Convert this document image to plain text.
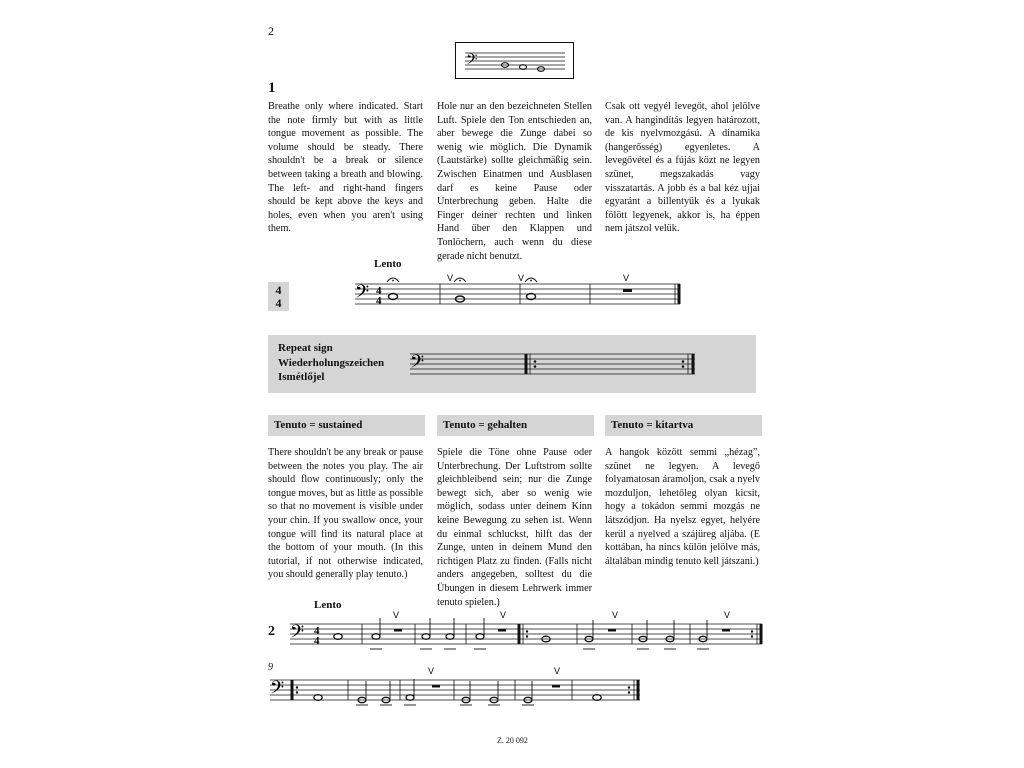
2
𝄢
1
Breathe only where indicated. Start the note firmly but with as little tongue movement as possible. The volume should be steady. There shouldn't be a break or silence between taking a breath and blowing. The left- and right-hand fingers should be kept above the keys and holes, even when you aren't using them.
Hole nur an den bezeichneten Stellen Luft. Spiele den Ton entschieden an, aber bewege die Zunge dabei so wenig wie möglich. Die Dynamik (Lautstärke) sollte gleichmäßig sein. Zwischen Einatmen und Ausblasen darf es keine Pause oder Unterbrechung geben. Halte die Finger deiner rechten und linken Hand über den Klappen und Tonlöchern, auch wenn du diese gerade nicht benutzt.
Csak ott vegyél levegőt, ahol jelölve van. A hangindítás legyen határozott, de kis nyelvmozgású. A dinamika (hangerősség) egyenletes. A levegővétel és a fújás közt ne legyen szünet, megszakadás vagy visszatartás. A jobb és a bal kéz ujjai egyaránt a billentyűk és a lyukak fölött legyenek, akkor is, ha éppen nem játszol velük.
Lento
4
4	𝄢 4
4
V	V	V
Repeat sign
Wiederholungszeichen
Ismétlőjel	𝄢
Tenuto = sustained	Tenuto = gehalten	Tenuto = kitartva
There shouldn't be any break or pause between the notes you play. The air should flow continuously; only the tongue moves, but as little as possible so that no movement is visible under your chin. If you swallow once, your tongue will find its natural place at the bottom of your mouth. (In this tutorial, if not otherwise indicated, you should generally play tenuto.)
Spiele die Töne ohne Pause oder Unterbrechung. Der Luftstrom sollte gleichbleibend sein; nur die Zunge bewegt sich, aber so wenig wie möglich, sodass unter deinem Kinn keine Bewegung zu sehen ist. Wenn du einmal schluckst, hilft das der Zunge, unten in deinem Mund den richtigen Platz zu finden. (Falls nicht anders angegeben, solltest du die Übungen in diesem Lehrwerk immer tenuto spielen.)
A hangok között semmi „hézag”, szünet ne legyen. A levegő folyamatosan áramoljon, csak a nyelv mozduljon, lehetőleg olyan kicsit, hogy a tokádon semmi mozgás ne látszódjon. Ha nyelsz egyet, helyére kerül a nyelved a szájüreg aljába. (E kottában, ha nincs külön jelölve más, általában mindig tenuto kell játszani.)
Lento
2 𝄢 4
4
V	V	V	V
9
𝄢
V	V
Z. 20 092
